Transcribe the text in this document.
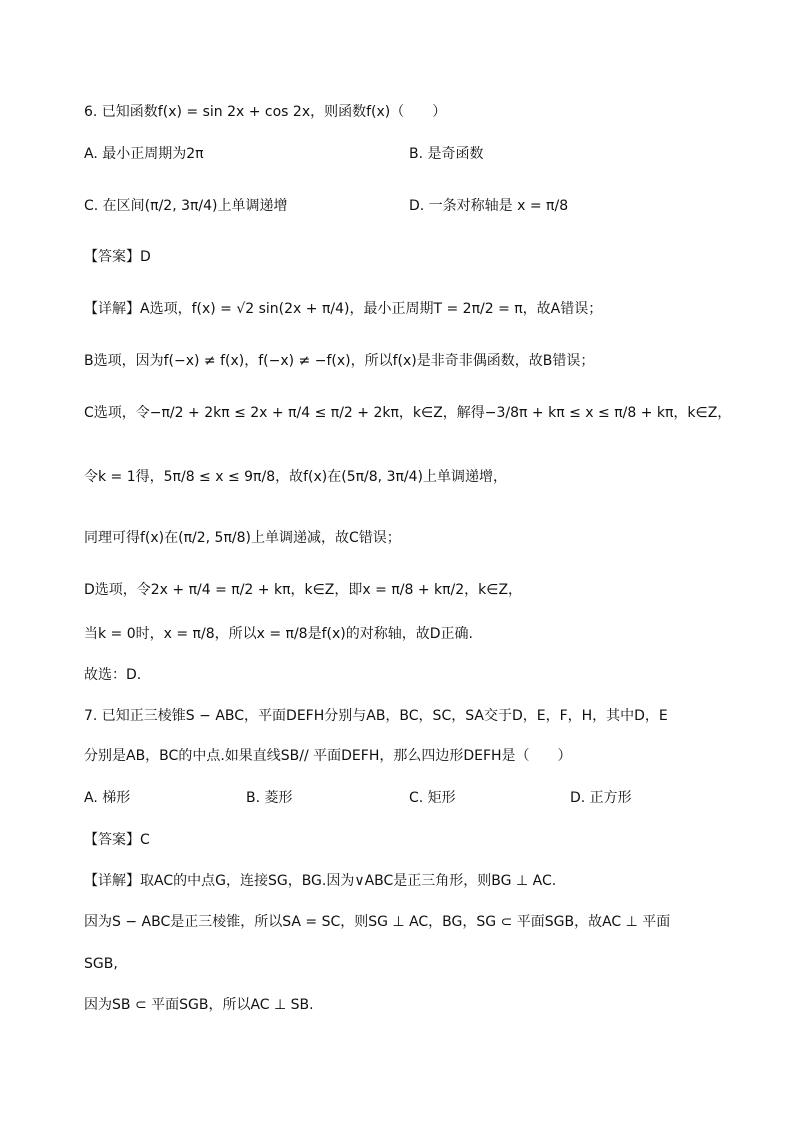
6. 已知函数f(x) = sin 2x + cos 2x，则函数f(x)（　　）
A. 最小正周期为2π	B. 是奇函数
C. 在区间(π/2, 3π/4)上单调递增	D. 一条对称轴是 x = π/8
【答案】D
【详解】A选项，f(x) = √2 sin(2x + π/4)，最小正周期T = 2π/2 = π，故A错误；
B选项，因为f(−x) ≠ f(x)，f(−x) ≠ −f(x)，所以f(x)是非奇非偶函数，故B错误；
C选项，令−π/2 + 2kπ ≤ 2x + π/4 ≤ π/2 + 2kπ，k∈Z，解得−3/8π + kπ ≤ x ≤ π/8 + kπ，k∈Z，
令k = 1得，5π/8 ≤ x ≤ 9π/8，故f(x)在(5π/8, 3π/4)上单调递增，
同理可得f(x)在(π/2, 5π/8)上单调递减，故C错误；
D选项，令2x + π/4 = π/2 + kπ，k∈Z，即x = π/8 + kπ/2，k∈Z，
当k = 0时，x = π/8，所以x = π/8是f(x)的对称轴，故D正确.
故选：D.
7. 已知正三棱锥S − ABC，平面DEFH分别与AB，BC，SC，SA交于D，E，F，H，其中D，E
分别是AB，BC的中点.如果直线SB// 平面DEFH，那么四边形DEFH是（　　）
A. 梯形	B. 菱形	C. 矩形	D. 正方形
【答案】C
【详解】取AC的中点G，连接SG，BG.因为∨ABC是正三角形，则BG ⊥ AC.
因为S − ABC是正三棱锥，所以SA = SC，则SG ⊥ AC，BG，SG ⊂ 平面SGB，故AC ⊥ 平面
SGB,
因为SB ⊂ 平面SGB，所以AC ⊥ SB.
